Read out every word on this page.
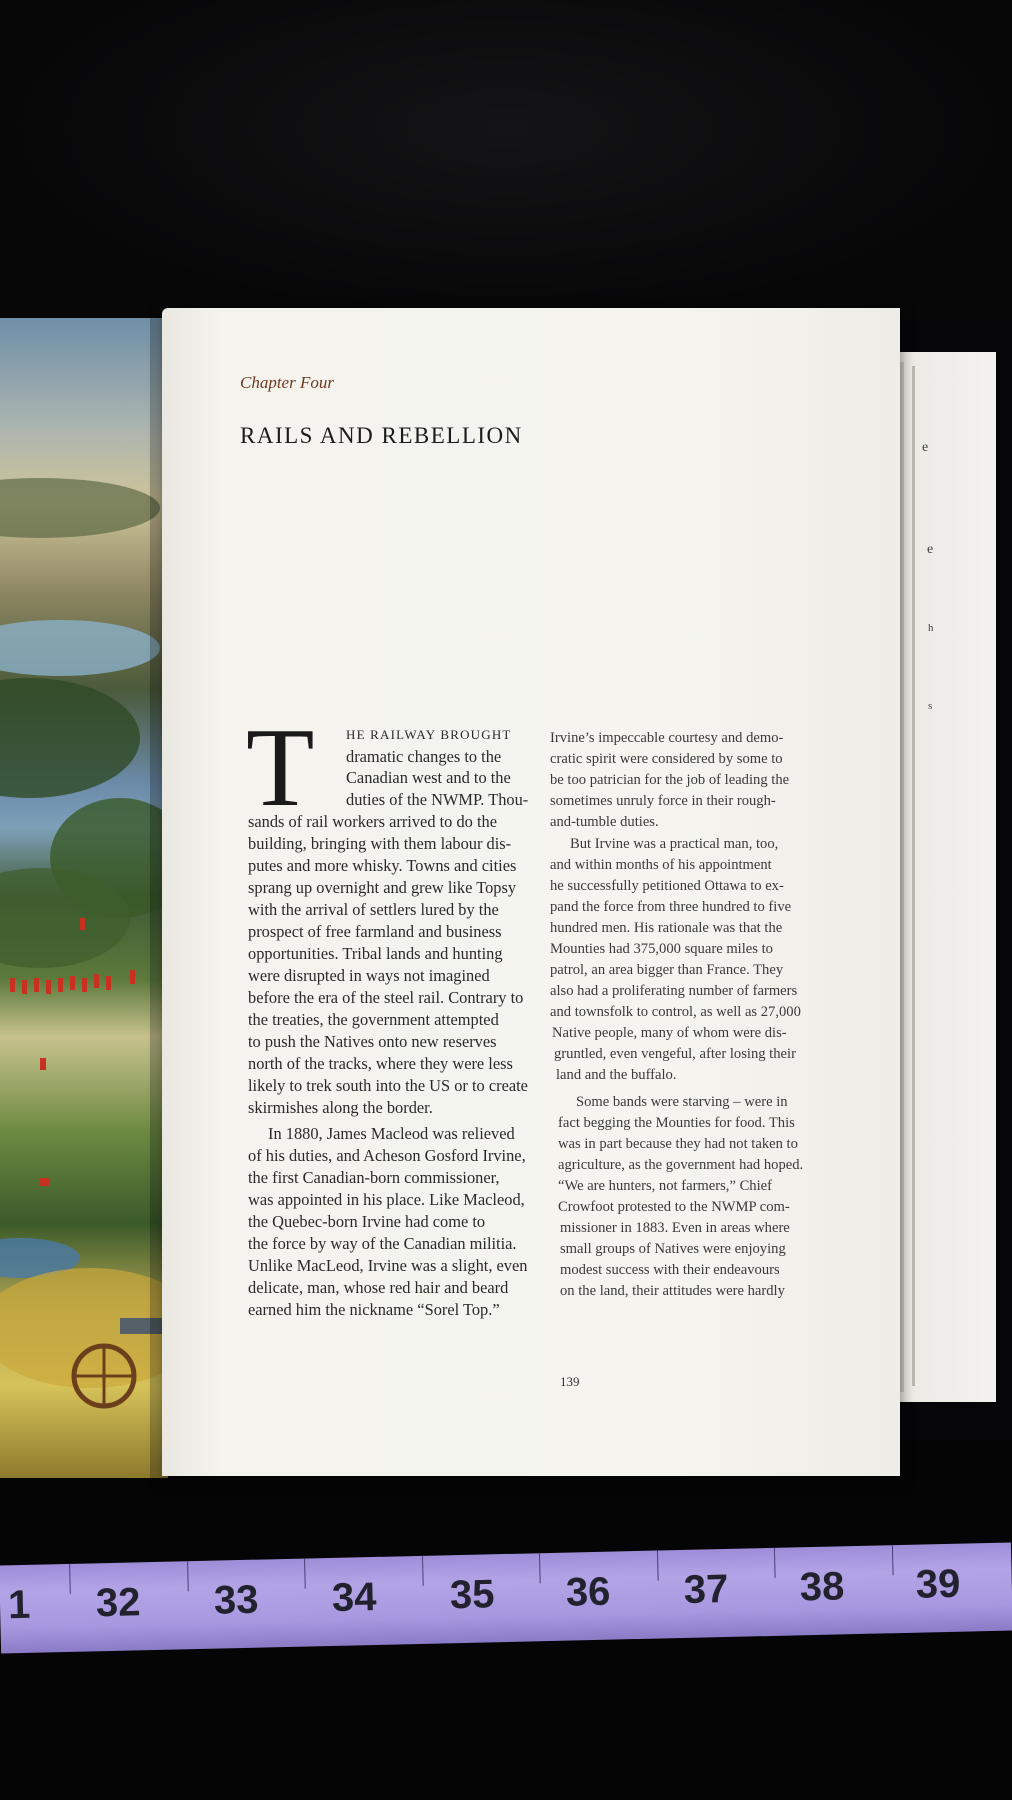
e
e
h
s
Chapter Four
RAILS AND REBELLION
T HE RAILWAY BROUGHT
dramatic changes to the
Canadian west and to the
duties of the NWMP. Thou-
sands of rail workers arrived to do the
building, bringing with them labour dis-
putes and more whisky. Towns and cities
sprang up overnight and grew like Topsy
with the arrival of settlers lured by the
prospect of free farmland and business
opportunities. Tribal lands and hunting
were disrupted in ways not imagined
before the era of the steel rail. Contrary to
the treaties, the government attempted
to push the Natives onto new reserves
north of the tracks, where they were less
likely to trek south into the US or to create
skirmishes along the border.
In 1880, James Macleod was relieved
of his duties, and Acheson Gosford Irvine,
the first Canadian-born commissioner,
was appointed in his place. Like Macleod,
the Quebec-born Irvine had come to
the force by way of the Canadian militia.
Unlike MacLeod, Irvine was a slight, even
delicate, man, whose red hair and beard
earned him the nickname “Sorel Top.”
Irvine’s impeccable courtesy and demo-
cratic spirit were considered by some to
be too patrician for the job of leading the
sometimes unruly force in their rough-
and-tumble duties.
But Irvine was a practical man, too,
and within months of his appointment
he successfully petitioned Ottawa to ex-
pand the force from three hundred to five
hundred men. His rationale was that the
Mounties had 375,000 square miles to
patrol, an area bigger than France. They
also had a proliferating number of farmers
and townsfolk to control, as well as 27,000
Native people, many of whom were dis-
gruntled, even vengeful, after losing their
land and the buffalo.
Some bands were starving – were in
fact begging the Mounties for food. This
was in part because they had not taken to
agriculture, as the government had hoped.
“We are hunters, not farmers,” Chief
Crowfoot protested to the NWMP com-
missioner in 1883. Even in areas where
small groups of Natives were enjoying
modest success with their endeavours
on the land, their attitudes were hardly
139
1 32 33 34 35 36 37 38 39
